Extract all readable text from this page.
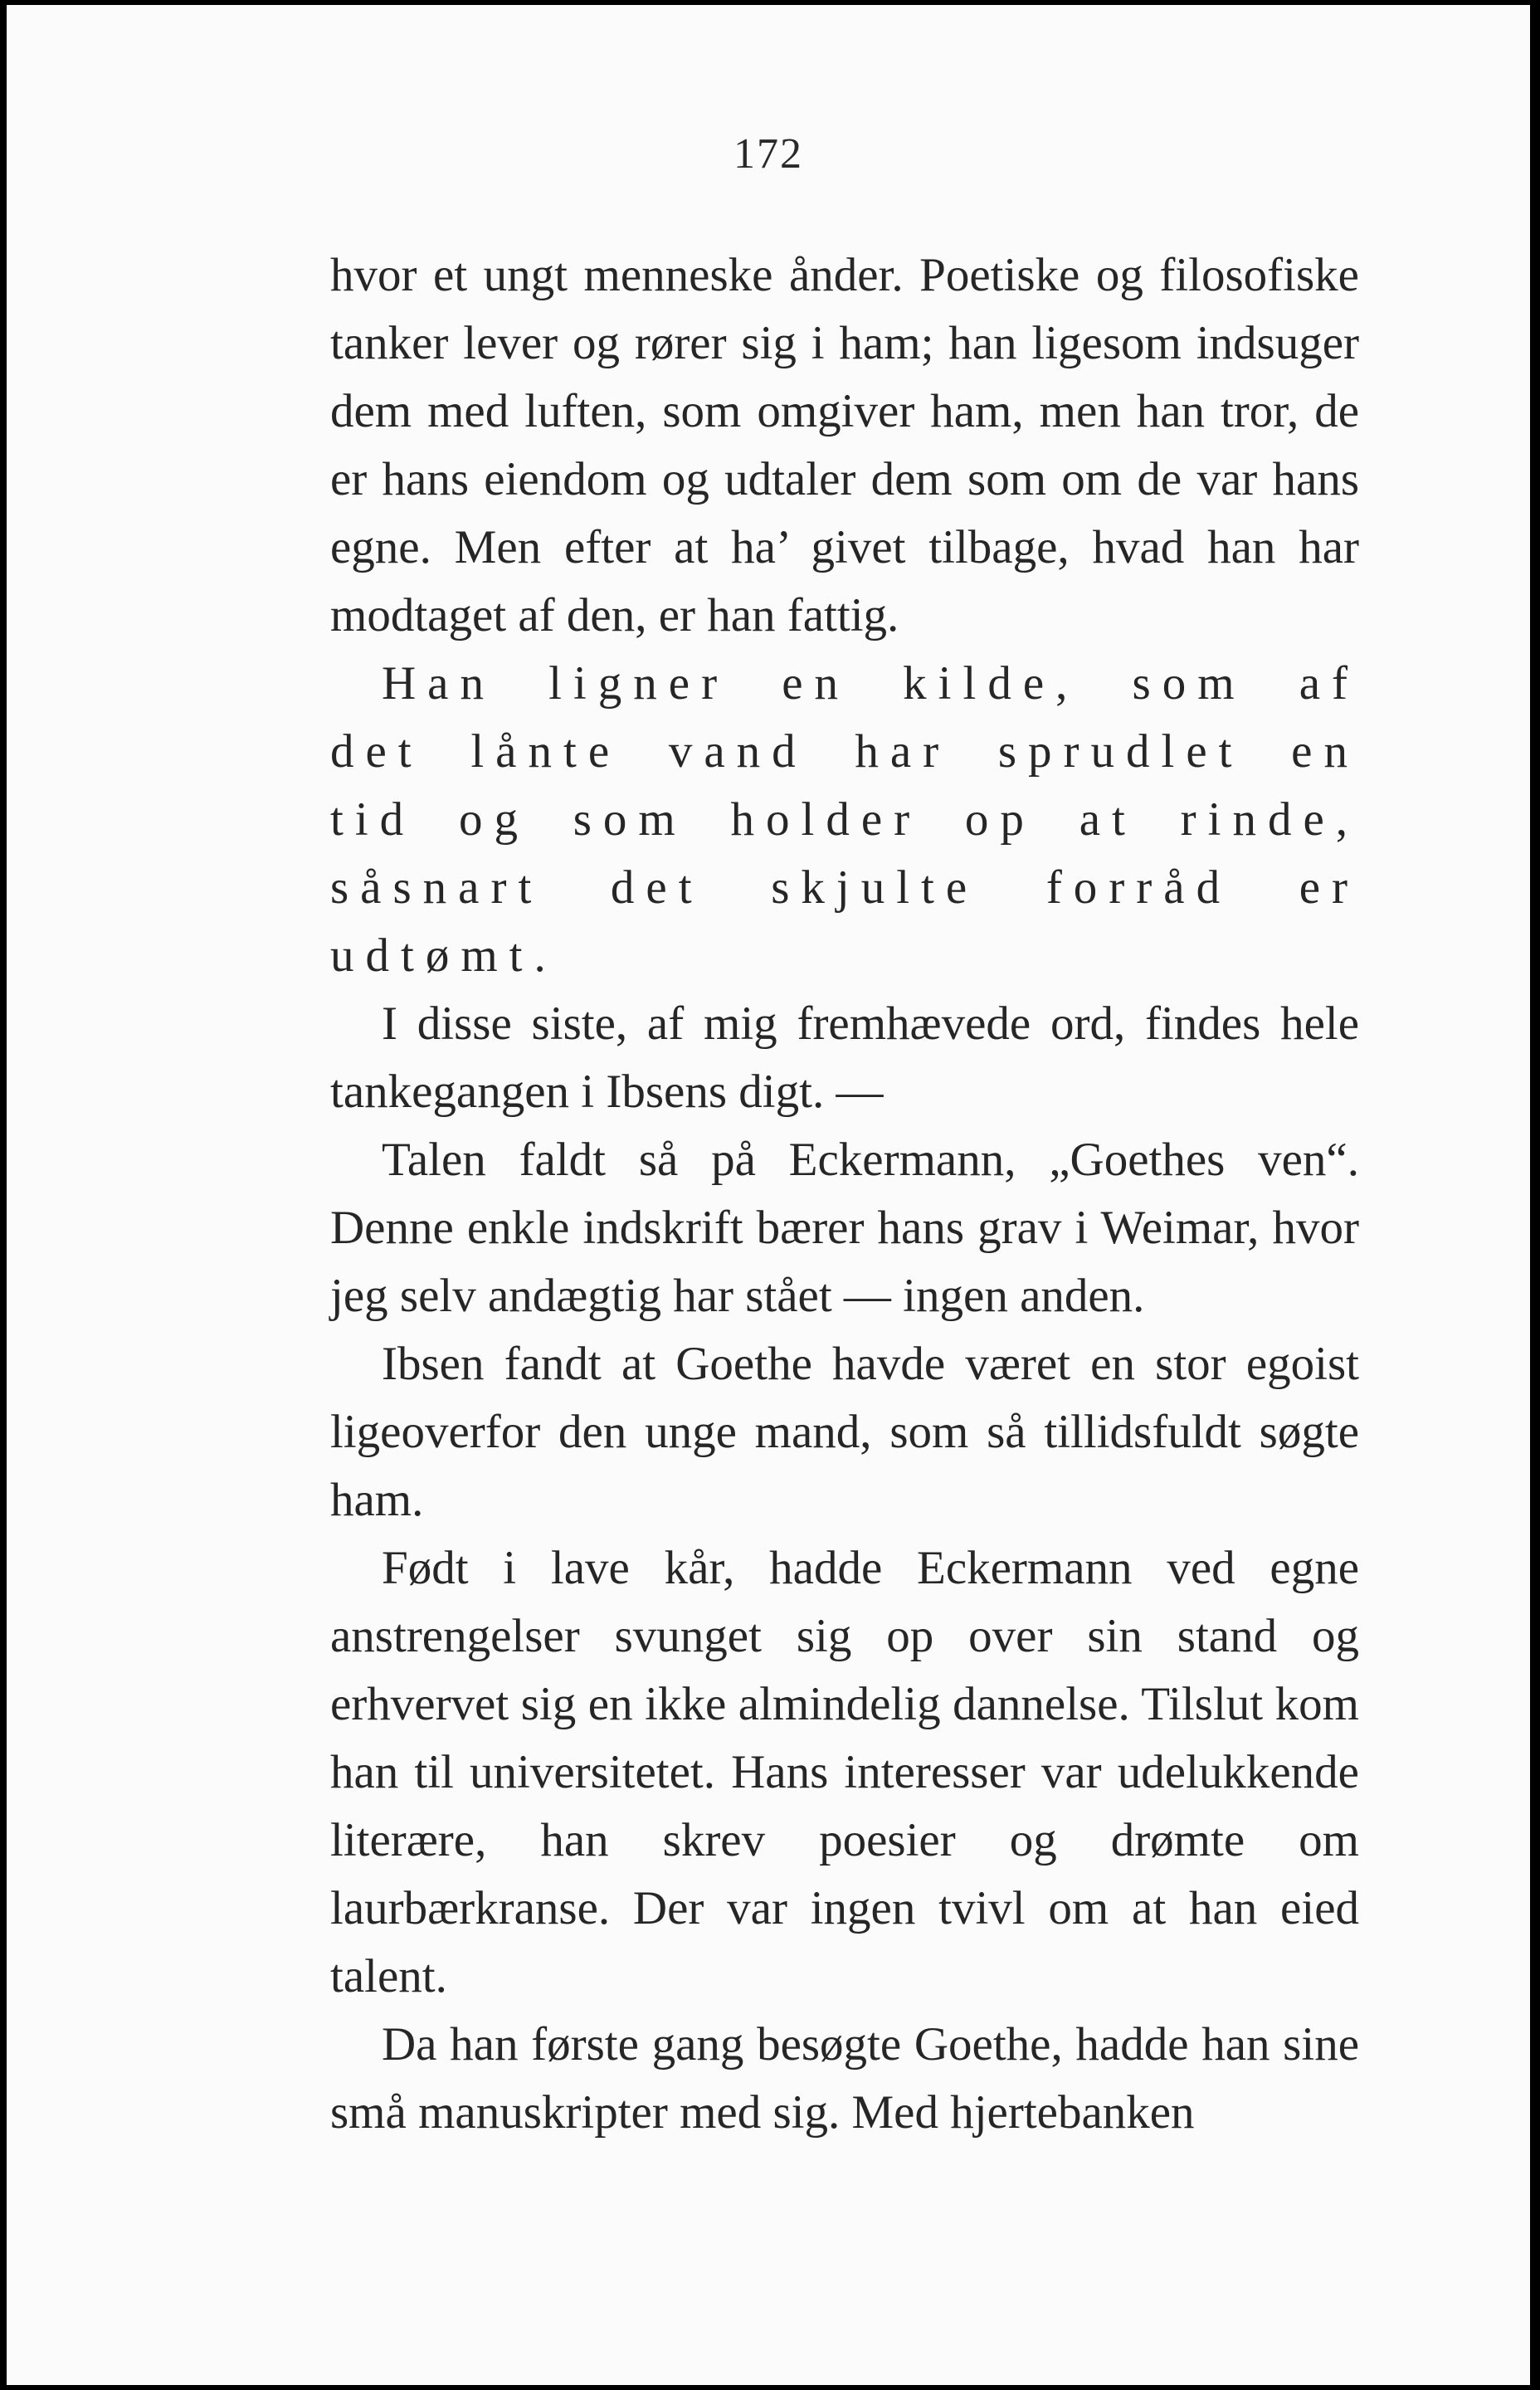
172

hvor et ungt menneske ånder. Poetiske og filosofiske tanker lever og rører sig i ham; han ligesom indsuger dem med luften, som omgiver ham, men han tror, de er hans eiendom og udtaler dem som om de var hans egne. Men efter at ha’ givet tilbage, hvad han har modtaget af den, er han fattig.

Han ligner en kilde, som af det lånte vand har sprudlet en tid og som holder op at rinde, såsnart det skjulte forråd er udtømt.

I disse siste, af mig fremhævede ord, findes hele tankegangen i Ibsens digt. —

Talen faldt så på Eckermann, „Goethes ven“. Denne enkle indskrift bærer hans grav i Weimar, hvor jeg selv andægtig har stået — ingen anden.

Ibsen fandt at Goethe havde været en stor egoist ligeoverfor den unge mand, som så tillidsfuldt søgte ham.

Født i lave kår, hadde Eckermann ved egne anstrengelser svunget sig op over sin stand og erhvervet sig en ikke almindelig dannelse. Tilslut kom han til universitetet. Hans interesser var udelukkende literære, han skrev poesier og drømte om laurbærkranse. Der var ingen tvivl om at han eied talent.

Da han første gang besøgte Goethe, hadde han sine små manuskripter med sig. Med hjertebanken
